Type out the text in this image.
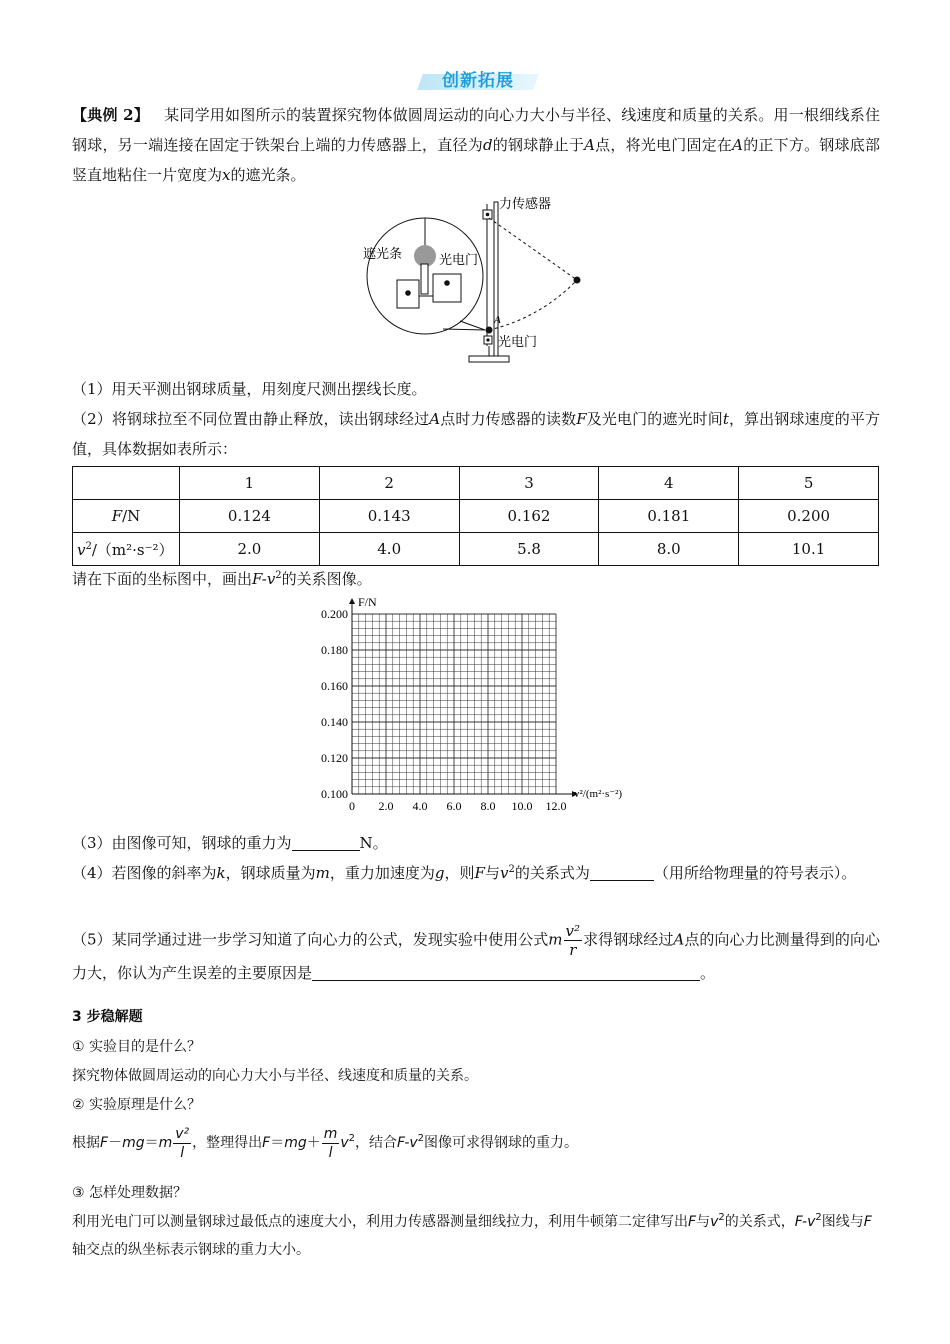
创新拓展
【典例 2】 某同学用如图所示的装置探究物体做圆周运动的向心力大小与半径、线速度和质量的关系。用一根细线系住钢球，另一端连接在固定于铁架台上端的力传感器上，直径为d的钢球静止于A点，将光电门固定在A的正下方。钢球底部竖直地粘住一片宽度为x的遮光条。
力传感器
A
光电门
遮光条	光电门
（1）用天平测出钢球质量，用刻度尺测出摆线长度。
（2）将钢球拉至不同位置由静止释放，读出钢球经过A点时力传感器的读数F及光电门的遮光时间t，算出钢球速度的平方值，具体数据如表所示：
	1	2	3	4	5
F/N	0.124	0.143	0.162	0.181	0.200
$v^2/(m^2\cdot s^{-2})$	2.0	4.0	5.8	8.0	10.1
请在下面的坐标图中，画出$F-v^2$的关系图像。
0 2.0 4.0 6.0 8.0 10.0 12.0
0.100
0.120
0.140
0.160
0.180
0.200
F/N
v²/(m²·s⁻²)
（3）由图像可知，钢球的重力为	N。
（4）若图像的斜率为k，钢球质量为m，重力加速度为g，则F与$v^2$的关系式为	（用所给物理量的符号表示）。
（5）某同学通过进一步学习知道了向心力的公式，发现实验中使用公式m $\frac{\text{v²}}{r}$ 求得钢球经过A点的向心力比测量得到的向心力大，你认为产生误差的主要原因是	。
3 步稳解题
① 实验目的是什么？
探究物体做圆周运动的向心力大小与半径、线速度和质量的关系。
② 实验原理是什么？
根据$F-mg=m \frac{\text{v²}}{l}$ ，整理得出$F=mg+ \frac{m}{l} v^2$，结合$F-v^2$图像可求得钢球的重力。
③ 怎样处理数据？
利用光电门可以测量钢球过最低点的速度大小，利用力传感器测量细线拉力，利用牛顿第二定律写出F与$v^2$的关系式，$F-v^2$图线与F轴交点的纵坐标表示钢球的重力大小。
